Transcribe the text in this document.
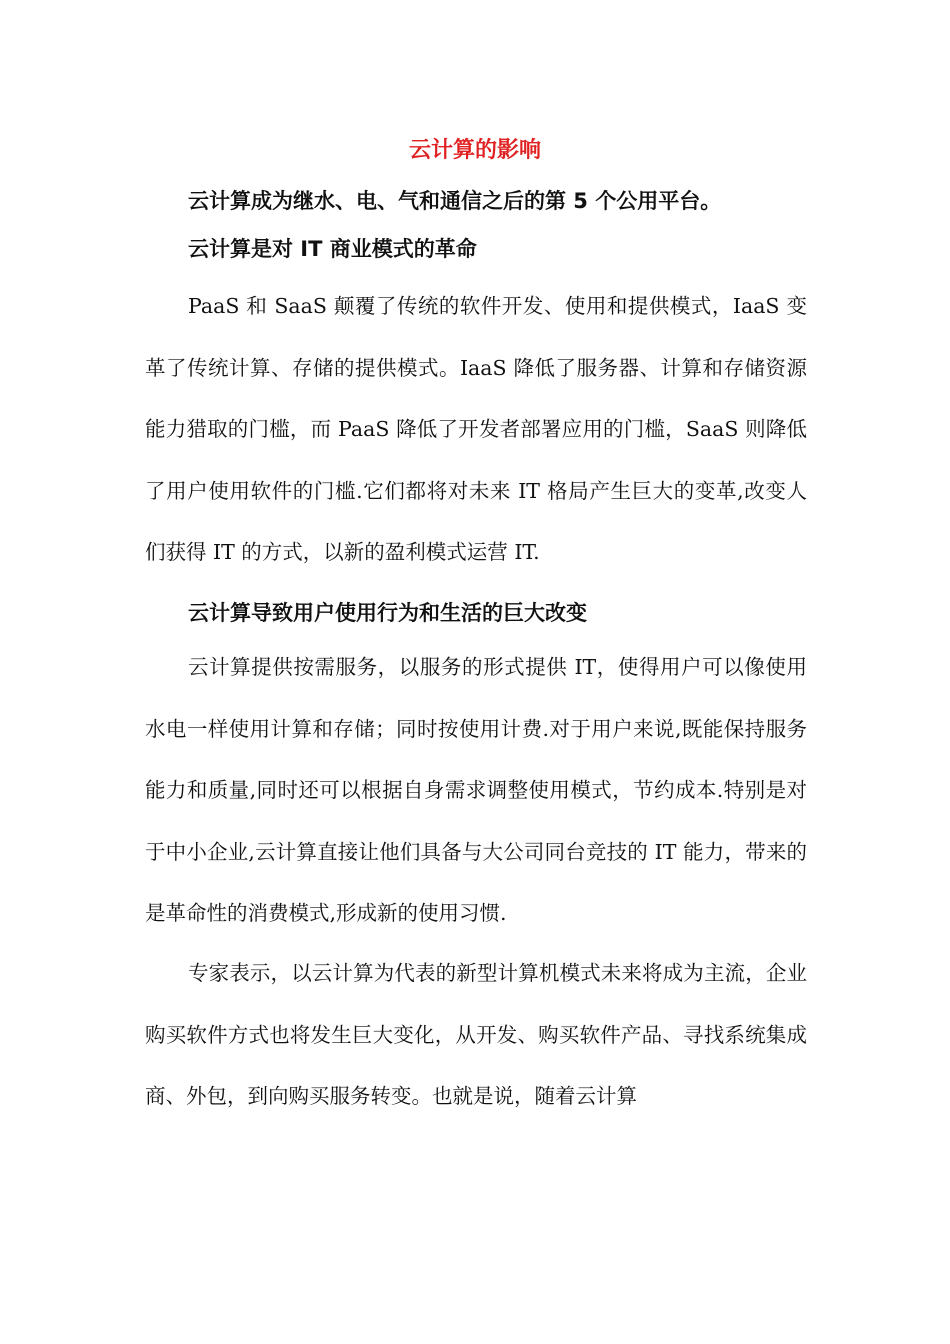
云计算的影响
云计算成为继水、电、气和通信之后的第 5 个公用平台。
云计算是对 IT 商业模式的革命

PaaS 和 SaaS 颠覆了传统的软件开发、使用和提供模式，IaaS 变革了传统计算、存储的提供模式。IaaS 降低了服务器、计算和存储资源能力猎取的门槛，而 PaaS 降低了开发者部署应用的门槛，SaaS 则降低了用户使用软件的门槛.它们都将对未来 IT 格局产生巨大的变革,改变人们获得 IT 的方式，以新的盈利模式运营 IT.

云计算导致用户使用行为和生活的巨大改变

云计算提供按需服务，以服务的形式提供 IT，使得用户可以像使用水电一样使用计算和存储；同时按使用计费.对于用户来说,既能保持服务能力和质量,同时还可以根据自身需求调整使用模式，节约成本.特别是对于中小企业,云计算直接让他们具备与大公司同台竞技的 IT 能力，带来的是革命性的消费模式,形成新的使用习惯.

专家表示，以云计算为代表的新型计算机模式未来将成为主流，企业购买软件方式也将发生巨大变化，从开发、购买软件产品、寻找系统集成商、外包，到向购买服务转变。也就是说，随着云计算
